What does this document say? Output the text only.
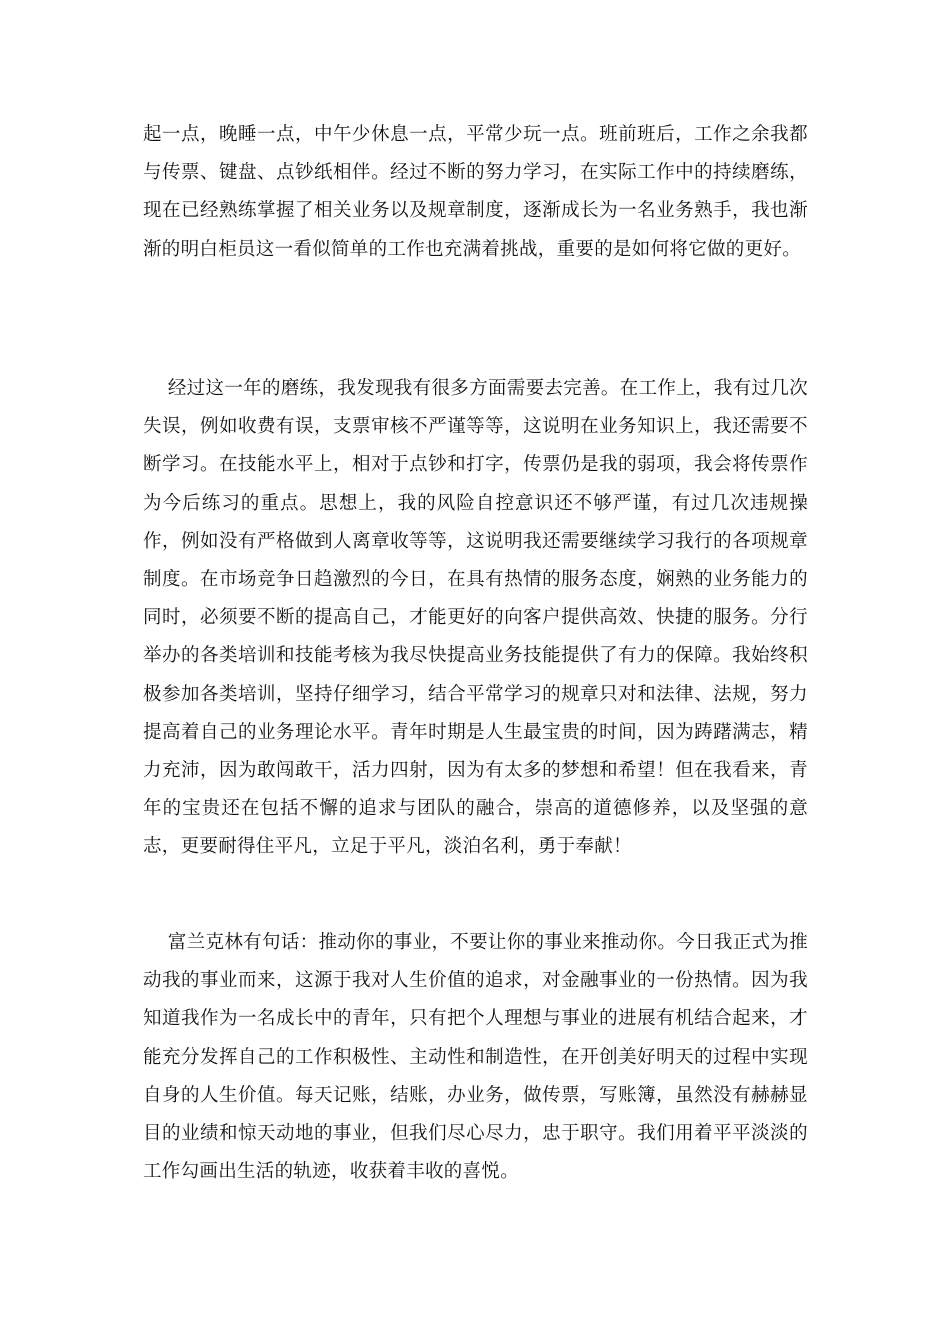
起一点，晚睡一点，中午少休息一点，平常少玩一点。班前班后，工作之余我都与传票、键盘、点钞纸相伴。经过不断的努力学习，在实际工作中的持续磨练，现在已经熟练掌握了相关业务以及规章制度，逐渐成长为一名业务熟手，我也渐渐的明白柜员这一看似简单的工作也充满着挑战，重要的是如何将它做的更好。

经过这一年的磨练，我发现我有很多方面需要去完善。在工作上，我有过几次失误，例如收费有误，支票审核不严谨等等，这说明在业务知识上，我还需要不断学习。在技能水平上，相对于点钞和打字，传票仍是我的弱项，我会将传票作为今后练习的重点。思想上，我的风险自控意识还不够严谨，有过几次违规操作，例如没有严格做到人离章收等等，这说明我还需要继续学习我行的各项规章制度。在市场竞争日趋激烈的今日，在具有热情的服务态度，娴熟的业务能力的同时，必须要不断的提高自己，才能更好的向客户提供高效、快捷的服务。分行举办的各类培训和技能考核为我尽快提高业务技能提供了有力的保障。我始终积极参加各类培训，坚持仔细学习，结合平常学习的规章只对和法律、法规，努力提高着自己的业务理论水平。青年时期是人生最宝贵的时间，因为踌躇满志，精力充沛，因为敢闯敢干，活力四射，因为有太多的梦想和希望！但在我看来，青年的宝贵还在包括不懈的追求与团队的融合，崇高的道德修养，以及坚强的意志，更要耐得住平凡，立足于平凡，淡泊名利，勇于奉献！

富兰克林有句话：推动你的事业，不要让你的事业来推动你。今日我正式为推动我的事业而来，这源于我对人生价值的追求，对金融事业的一份热情。因为我知道我作为一名成长中的青年，只有把个人理想与事业的进展有机结合起来，才能充分发挥自己的工作积极性、主动性和制造性，在开创美好明天的过程中实现自身的人生价值。每天记账，结账，办业务，做传票，写账簿，虽然没有赫赫显目的业绩和惊天动地的事业，但我们尽心尽力，忠于职守。我们用着平平淡淡的工作勾画出生活的轨迹，收获着丰收的喜悦。
